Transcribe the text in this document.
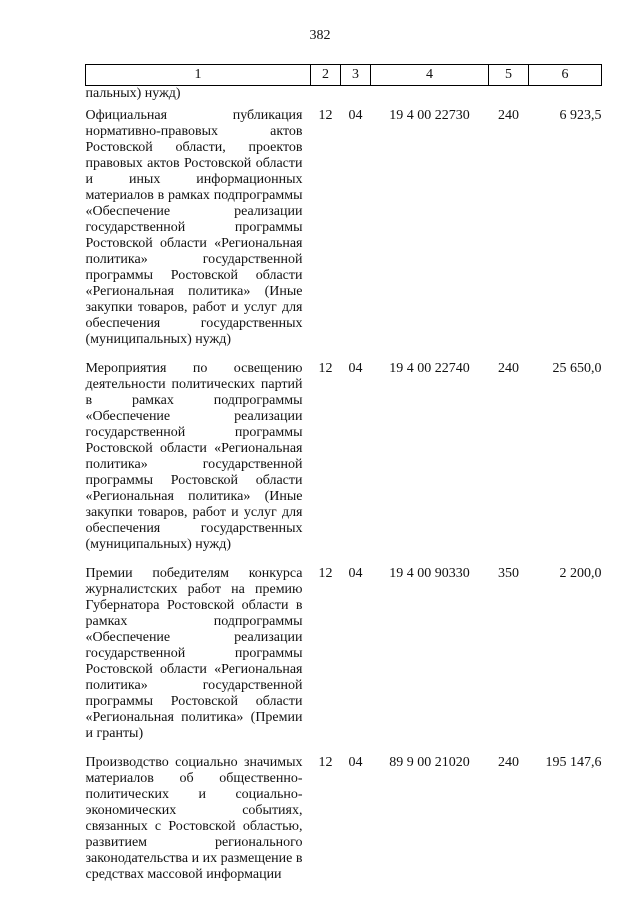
382
1	2	3	4	5	6
пальных) нужд)					
Официальная публикация нормативно-правовых актов Ростовской области, проектов правовых актов Ростовской области и иных информационных материалов в рамках подпрограммы «Обеспечение реализации государственной программы Ростовской области «Региональная политика» государственной программы Ростовской области «Региональная политика» (Иные закупки товаров, работ и услуг для обеспечения государственных (муниципальных) нужд)	12	04	19 4 00 22730	240	6 923,5
Мероприятия по освещению деятельности политических партий в рамках подпрограммы «Обеспечение реализации государственной программы Ростовской области «Региональная политика» государственной программы Ростовской области «Региональная политика» (Иные закупки товаров, работ и услуг для обеспечения государственных (муниципальных) нужд)	12	04	19 4 00 22740	240	25 650,0
Премии победителям конкурса журналистских работ на премию Губернатора Ростовской области в рамках подпрограммы «Обеспечение реализации государственной программы Ростовской области «Региональная политика» государственной программы Ростовской области «Региональная политика» (Премии и гранты)	12	04	19 4 00 90330	350	2 200,0
Производство социально значимых материалов об общественно-политических и социально-экономических событиях, связанных с Ростовской областью, развитием регионального законодательства и их размещение в средствах массовой информации	12	04	89 9 00 21020	240	195 147,6
